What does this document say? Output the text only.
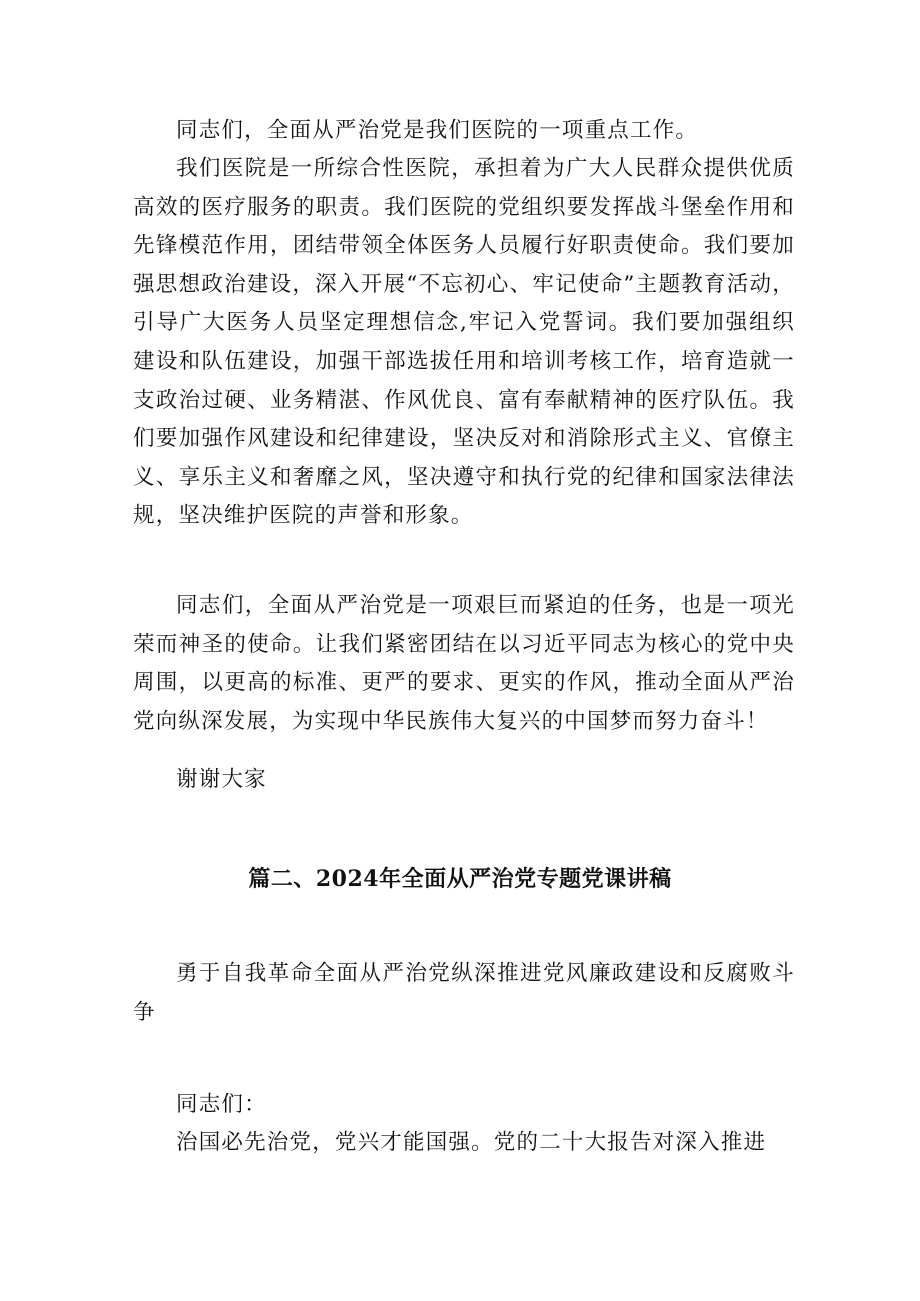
同志们，全面从严治党是我们医院的一项重点工作。

我们医院是一所综合性医院，承担着为广大人民群众提供优质高效的医疗服务的职责。我们医院的党组织要发挥战斗堡垒作用和先锋模范作用，团结带领全体医务人员履行好职责使命。我们要加强思想政治建设，深入开展“不忘初心、牢记使命”主题教育活动，引导广大医务人员坚定理想信念,牢记入党誓词。我们要加强组织建设和队伍建设，加强干部选拔任用和培训考核工作，培育造就一支政治过硬、业务精湛、作风优良、富有奉献精神的医疗队伍。我们要加强作风建设和纪律建设，坚决反对和消除形式主义、官僚主义、享乐主义和奢靡之风，坚决遵守和执行党的纪律和国家法律法规，坚决维护医院的声誉和形象。

同志们，全面从严治党是一项艰巨而紧迫的任务，也是一项光荣而神圣的使命。让我们紧密团结在以习近平同志为核心的党中央周围，以更高的标准、更严的要求、更实的作风，推动全面从严治党向纵深发展，为实现中华民族伟大复兴的中国梦而努力奋斗！

谢谢大家

篇二、2024年全面从严治党专题党课讲稿

勇于自我革命全面从严治党纵深推进党风廉政建设和反腐败斗争

同志们：

治国必先治党，党兴才能国强。党的二十大报告对深入推进
